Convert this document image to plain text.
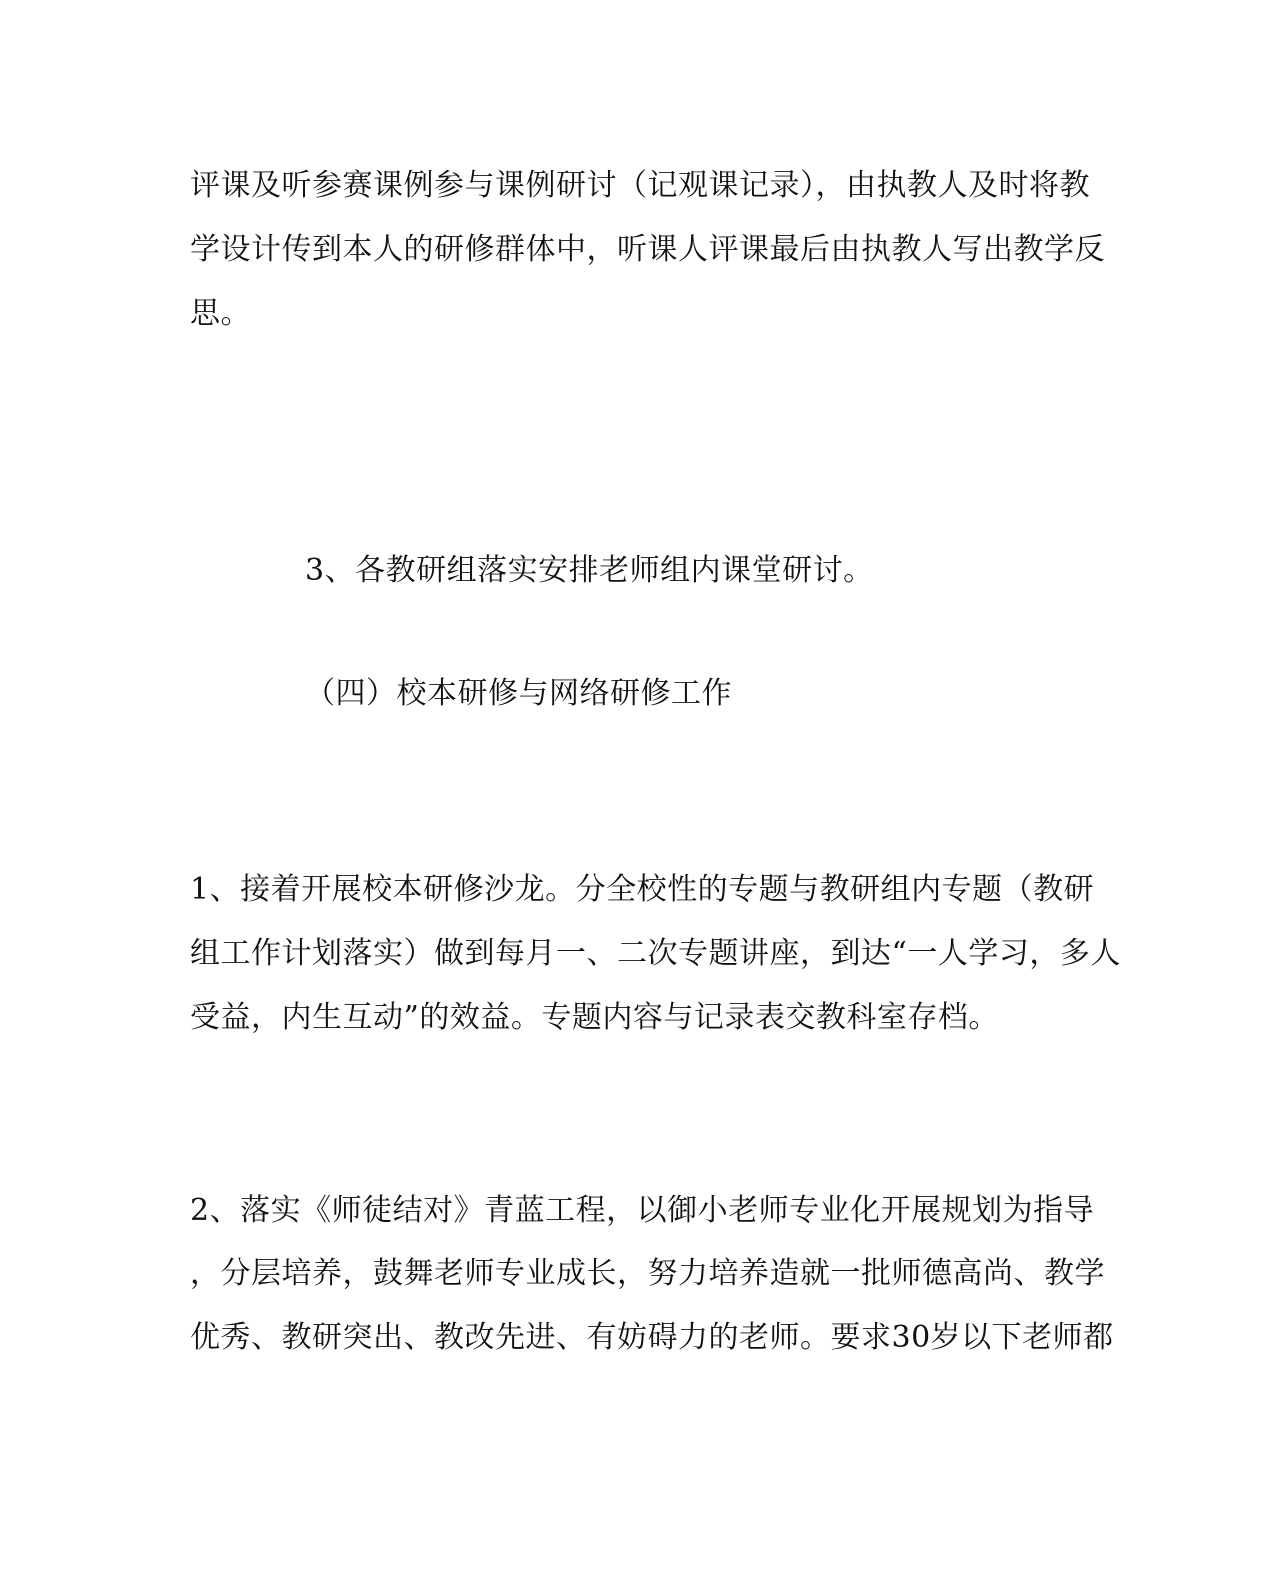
评课及听参赛课例参与课例研讨（记观课记录），由执教人及时将教
学设计传到本人的研修群体中，听课人评课最后由执教人写出教学反
思。
3、各教研组落实安排老师组内课堂研讨。
（四）校本研修与网络研修工作
1、接着开展校本研修沙龙。分全校性的专题与教研组内专题（教研
组工作计划落实）做到每月一、二次专题讲座，到达“一人学习，多人
受益，内生互动”的效益。专题内容与记录表交教科室存档。
2、落实《师徒结对》青蓝工程，以御小老师专业化开展规划为指导
，分层培养，鼓舞老师专业成长，努力培养造就一批师德高尚、教学
优秀、教研突出、教改先进、有妨碍力的老师。要求30岁以下老师都
